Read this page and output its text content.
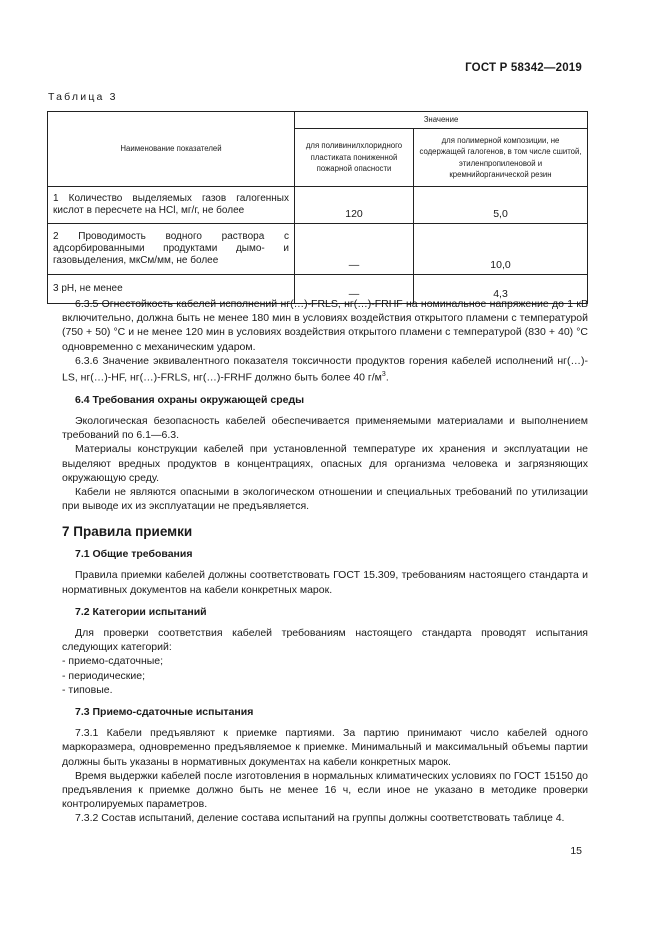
ГОСТ Р 58342—2019
Таблица 3
Наименование показателей	Значение	
	для поливинилхлоридного пластиката пониженной пожарной опасности	для полимерной композиции, не содержащей галогенов, в том числе сшитой, этиленпропиленовой и кремнийорганической резин
1 Количество выделяемых газов галогенных кислот в пересчете на HCl, мг/г, не более	120	5,0
2 Проводимость водного раствора с адсорбированными продуктами дымо- и газовыделения, мкСм/мм, не более	—	10,0
3 рН, не менее	—	4,3

6.3.5 Огнестойкость кабелей исполнений нг(…)-FRLS, нг(…)-FRHF на номинальное напряжение до 1 кВ включительно, должна быть не менее 180 мин в условиях воздействия открытого пламени с температурой (750 + 50) °С и не менее 120 мин в условиях воздействия открытого пламени с температурой (830 + 40) °С одновременно с механическим ударом.

6.3.6 Значение эквивалентного показателя токсичности продуктов горения кабелей исполнений нг(…)-LS, нг(…)-HF, нг(…)-FRLS, нг(…)-FRHF должно быть более 40 $г/м^3$.

6.4 Требования охраны окружающей среды

Экологическая безопасность кабелей обеспечивается применяемыми материалами и выполнением требований по 6.1—6.3.

Материалы конструкции кабелей при установленной температуре их хранения и эксплуатации не выделяют вредных продуктов в концентрациях, опасных для организма человека и загрязняющих окружающую среду.

Кабели не являются опасными в экологическом отношении и специальных требований по утилизации при выводе их из эксплуатации не предъявляется.

7 Правила приемки

7.1 Общие требования

Правила приемки кабелей должны соответствовать ГОСТ 15.309, требованиям настоящего стандарта и нормативных документов на кабели конкретных марок.

7.2 Категории испытаний

Для проверки соответствия кабелей требованиям настоящего стандарта проводят испытания следующих категорий:

- приемо-сдаточные;

- периодические;

- типовые.

7.3 Приемо-сдаточные испытания

7.3.1 Кабели предъявляют к приемке партиями. За партию принимают число кабелей одного маркоразмера, одновременно предъявляемое к приемке. Минимальный и максимальный объемы партии должны быть указаны в нормативных документах на кабели конкретных марок.

Время выдержки кабелей после изготовления в нормальных климатических условиях по ГОСТ 15150 до предъявления к приемке должно быть не менее 16 ч, если иное не указано в методике проверки контролируемых параметров.

7.3.2 Состав испытаний, деление состава испытаний на группы должны соответствовать таблице 4.

15
